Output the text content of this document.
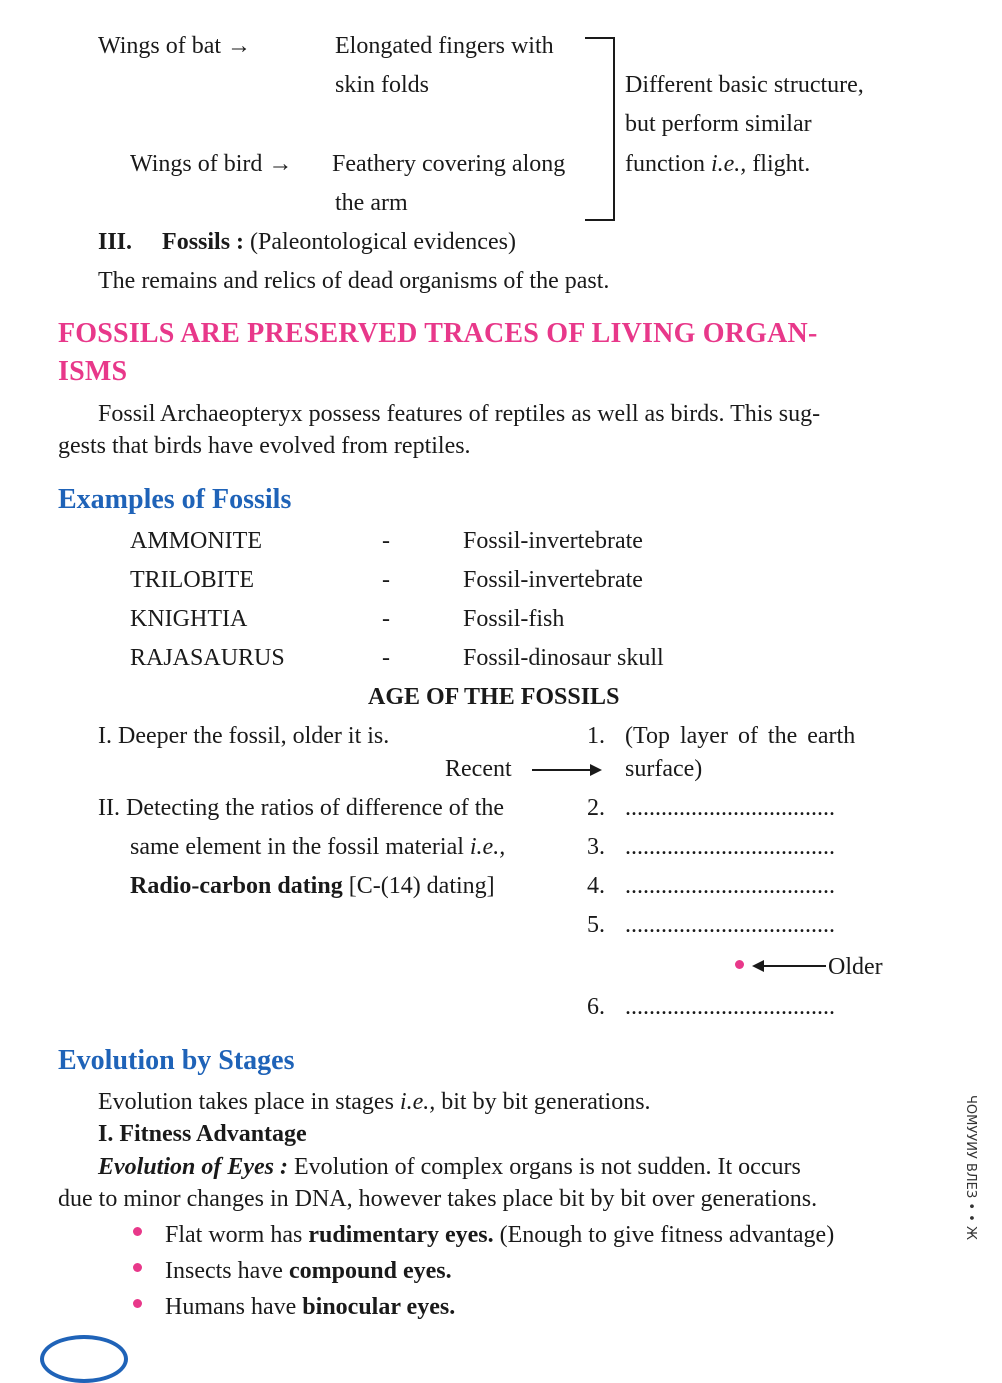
Wings of bat →	Elongated fingers with
skin folds
Wings of bird → Feathery covering along
the arm
Different basic structure,
but perform similar
function i.e., flight.
III. Fossils : (Paleontological evidences)
The remains and relics of dead organisms of the past.
FOSSILS ARE PRESERVED TRACES OF LIVING ORGAN-
ISMS
Fossil Archaeopteryx possess features of reptiles as well as birds. This sug-
gests that birds have evolved from reptiles.
Examples of Fossils
AMMONITE	-	Fossil-invertebrate
TRILOBITE	-	Fossil-invertebrate
KNIGHTIA	-	Fossil-fish
RAJASAURUS	-	Fossil-dinosaur skull
AGE OF THE FOSSILS
I. Deeper the fossil, older it is.
II. Detecting the ratios of difference of the
same element in the fossil material i.e.,
Radio-carbon dating [C-(14) dating]
Recent
1. (Top layer of the earth
surface)
2. ...................................
3. ...................................
4. ...................................
5. ...................................
Older
6. ...................................
Evolution by Stages
Evolution takes place in stages i.e., bit by bit generations.
I. Fitness Advantage
Evolution of Eyes : Evolution of complex organs is not sudden. It occurs
due to minor changes in DNA, however takes place bit by bit over generations.
Flat worm has rudimentary eyes. (Enough to give fitness advantage)
Insects have compound eyes.
Humans have binocular eyes.
ЧОМУУИУ ВЛЕЗ • • Ж
